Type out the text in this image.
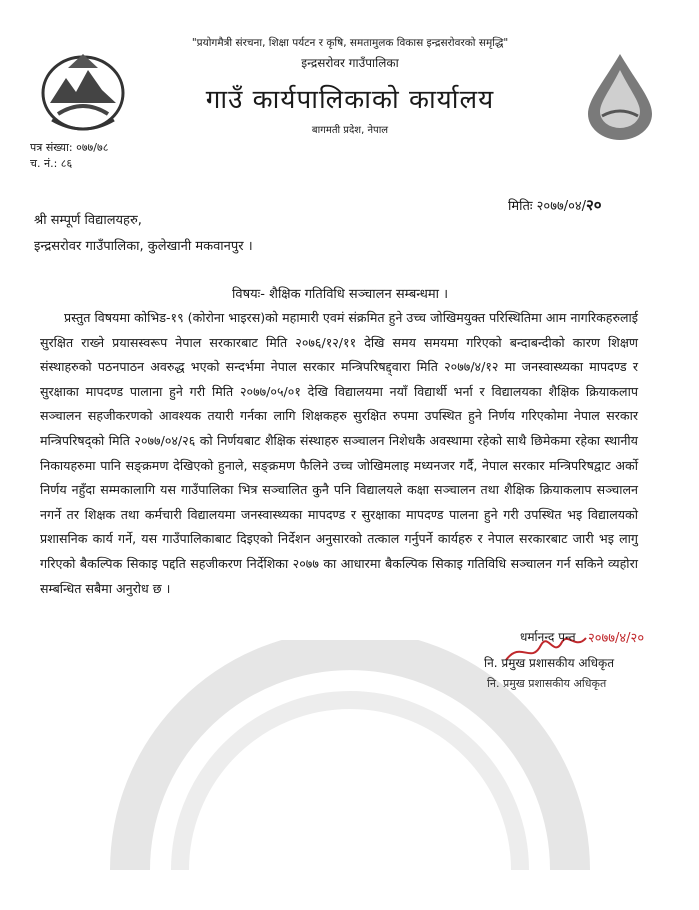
"प्रयोगमैत्री संरचना, शिक्षा पर्यटन र कृषि, समतामुलक विकास इन्द्रसरोवरको समृद्धि"
इन्द्रसरोवर गाउँपालिका
गाउँ कार्यपालिकाको कार्यालय
बागमती प्रदेश, नेपाल
पत्र संख्या: ०७७/७८
च. नं.: ८६
मितिः २०७७/०४/२०
श्री सम्पूर्ण विद्यालयहरु,
इन्द्रसरोवर गाउँपालिका, कुलेखानी मकवानपुर ।
विषयः- शैक्षिक गतिविधि सञ्चालन सम्बन्धमा ।

प्रस्तुत विषयमा कोभिड-१९ (कोरोना भाइरस)को महामारी एवमं संक्रमित हुने उच्च जोखिमयुक्त परिस्थितिमा आम नागरिकहरुलाई सुरक्षित राख्ने प्रयासस्वरूप नेपाल सरकारबाट मिति २०७६/१२/११ देखि समय समयमा गरिएको बन्दाबन्दीको कारण शिक्षण संस्थाहरुको पठनपाठन अवरुद्ध भएको सन्दर्भमा नेपाल सरकार मन्त्रिपरिषद्द्वारा मिति २०७७/४/१२ मा जनस्वास्थ्यका मापदण्ड र सुरक्षाका मापदण्ड पालाना हुने गरी मिति २०७७/०५/०१ देखि विद्यालयमा नयाँ विद्यार्थी भर्ना र विद्यालयका शैक्षिक क्रियाकलाप सञ्चालन सहजीकरणको आवश्यक तयारी गर्नका लागि शिक्षकहरु सुरक्षित रुपमा उपस्थित हुने निर्णय गरिएकोमा नेपाल सरकार मन्त्रिपरिषद्को मिति २०७७/०४/२६ को निर्णयबाट शैक्षिक संस्थाहरु सञ्चालन निशेधकै अवस्थामा रहेको साथै छिमेकमा रहेका स्थानीय निकायहरुमा पानि सङ्क्रमण देखिएको हुनाले, सङ्क्रमण फैलिने उच्च जोखिमलाइ मध्यनजर गर्दै, नेपाल सरकार मन्त्रिपरिषद्वाट अर्को निर्णय नहुँदा सम्मकालागि यस गाउँपालिका भित्र सञ्चालित कुनै पनि विद्यालयले कक्षा सञ्चालन तथा शैक्षिक क्रियाकलाप सञ्चालन नगर्ने तर शिक्षक तथा कर्मचारी विद्यालयमा जनस्वास्थ्यका मापदण्ड र सुरक्षाका मापदण्ड पालना हुने गरी उपस्थित भइ विद्यालयको प्रशासनिक कार्य गर्ने, यस गाउँपालिकाबाट दिइएको निर्देशन अनुसारको तत्काल गर्नुपर्ने कार्यहरु र नेपाल सरकारबाट जारी भइ लागु गरिएको बैकल्पिक सिकाइ पद्दति सहजीकरण निर्देशिका २०७७ का आधारमा बैकल्पिक सिकाइ गतिविधि सञ्चालन गर्न सकिने व्यहोरा सम्बन्धित सबैमा अनुरोध छ ।

२०७७/४/२०
धर्मानन्द पन्त
नि. प्रमुख प्रशासकीय अधिकृत
नि. प्रमुख प्रशासकीय अधिकृत
